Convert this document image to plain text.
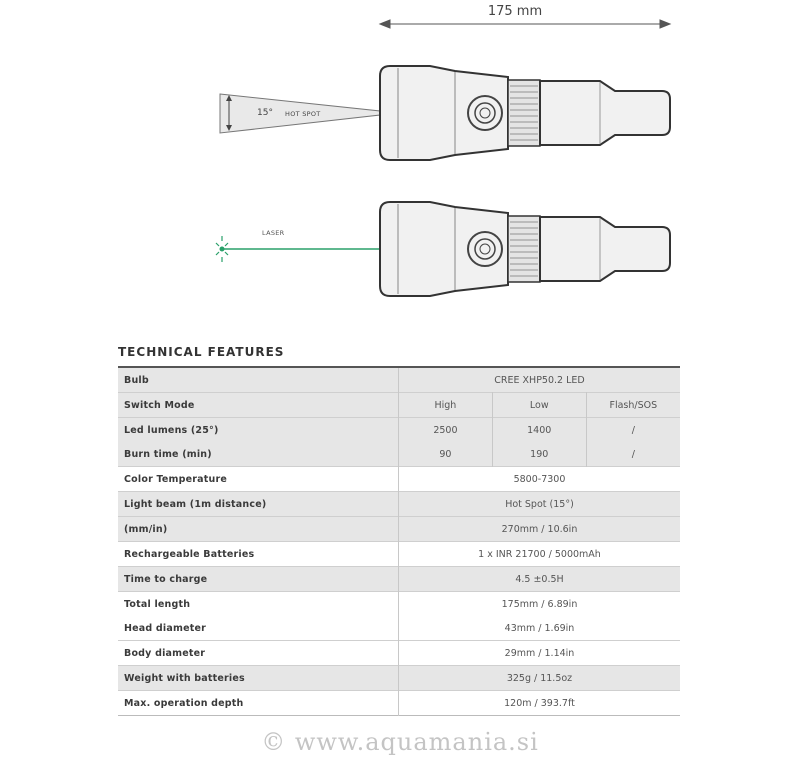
175 mm
15° HOT SPOT
LASER
TECHNICAL FEATURES
Bulb	CREE XHP50.2 LED		
Switch Mode	High	Low	Flash/SOS
Led lumens (25°)	2500	1400	/
Burn time (min)	90	190	/
Color Temperature	5800-7300		
Light beam (1m distance)	Hot Spot (15°)		
(mm/in)	270mm / 10.6in		
Rechargeable Batteries	1 x INR 21700 / 5000mAh		
Time to charge	4.5 ±0.5H		
Total length	175mm / 6.89in		
Head diameter	43mm / 1.69in		
Body diameter	29mm / 1.14in		
Weight with batteries	325g / 11.5oz		
Max. operation depth	120m / 393.7ft		
© www.aquamania.si
